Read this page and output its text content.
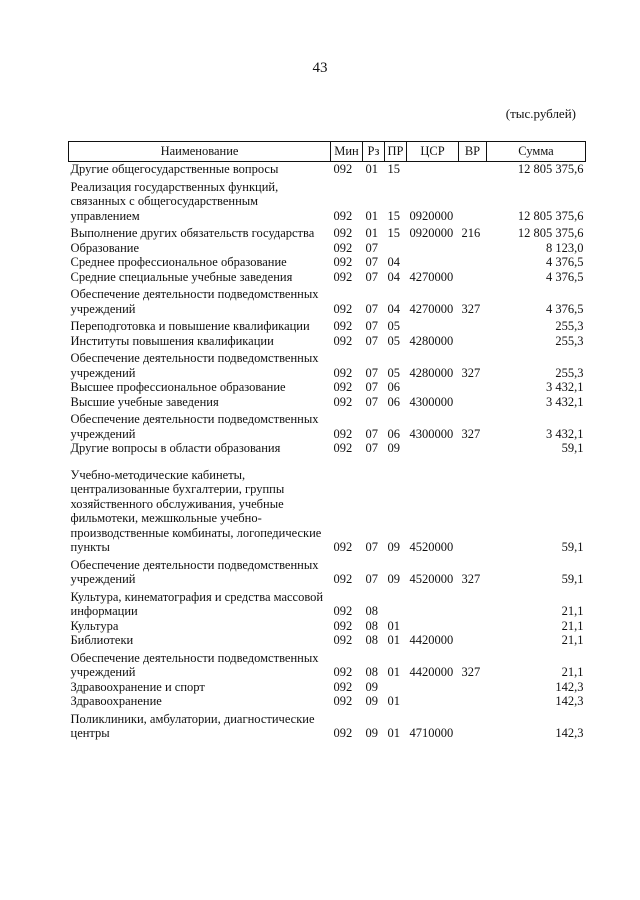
43
(тыс.рублей)
Наименование	Мин	Рз	ПР	ЦСР	ВР	Сумма
Другие общегосударственные вопросы	092	01	15			12 805 375,6
Реализация государственных функций, связанных с общегосударственным управлением	092	01	15	0920000		12 805 375,6
Выполнение других обязательств государства	092	01	15	0920000	216	12 805 375,6
Образование	092	07				8 123,0
Среднее профессиональное образование	092	07	04			4 376,5
Средние специальные учебные заведения	092	07	04	4270000		4 376,5
Обеспечение деятельности подведомственных учреждений	092	07	04	4270000	327	4 376,5
Переподготовка и повышение квалификации	092	07	05			255,3
Институты повышения квалификации	092	07	05	4280000		255,3
Обеспечение деятельности подведомственных учреждений	092	07	05	4280000	327	255,3
Высшее профессиональное образование	092	07	06			3 432,1
Высшие учебные заведения	092	07	06	4300000		3 432,1
Обеспечение деятельности подведомственных учреждений	092	07	06	4300000	327	3 432,1
Другие вопросы в области образования	092	07	09			59,1
Учебно-методические кабинеты, централизованные бухгалтерии, группы хозяйственного обслуживания, учебные фильмотеки, межшкольные учебно-производственные комбинаты, логопедические пункты	092	07	09	4520000		59,1
Обеспечение деятельности подведомственных учреждений	092	07	09	4520000	327	59,1
Культура, кинематография и средства массовой информации	092	08				21,1
Культура	092	08	01			21,1
Библиотеки	092	08	01	4420000		21,1
Обеспечение деятельности подведомственных учреждений	092	08	01	4420000	327	21,1
Здравоохранение и спорт	092	09				142,3
Здравоохранение	092	09	01			142,3
Поликлиники, амбулатории, диагностические центры	092	09	01	4710000		142,3
